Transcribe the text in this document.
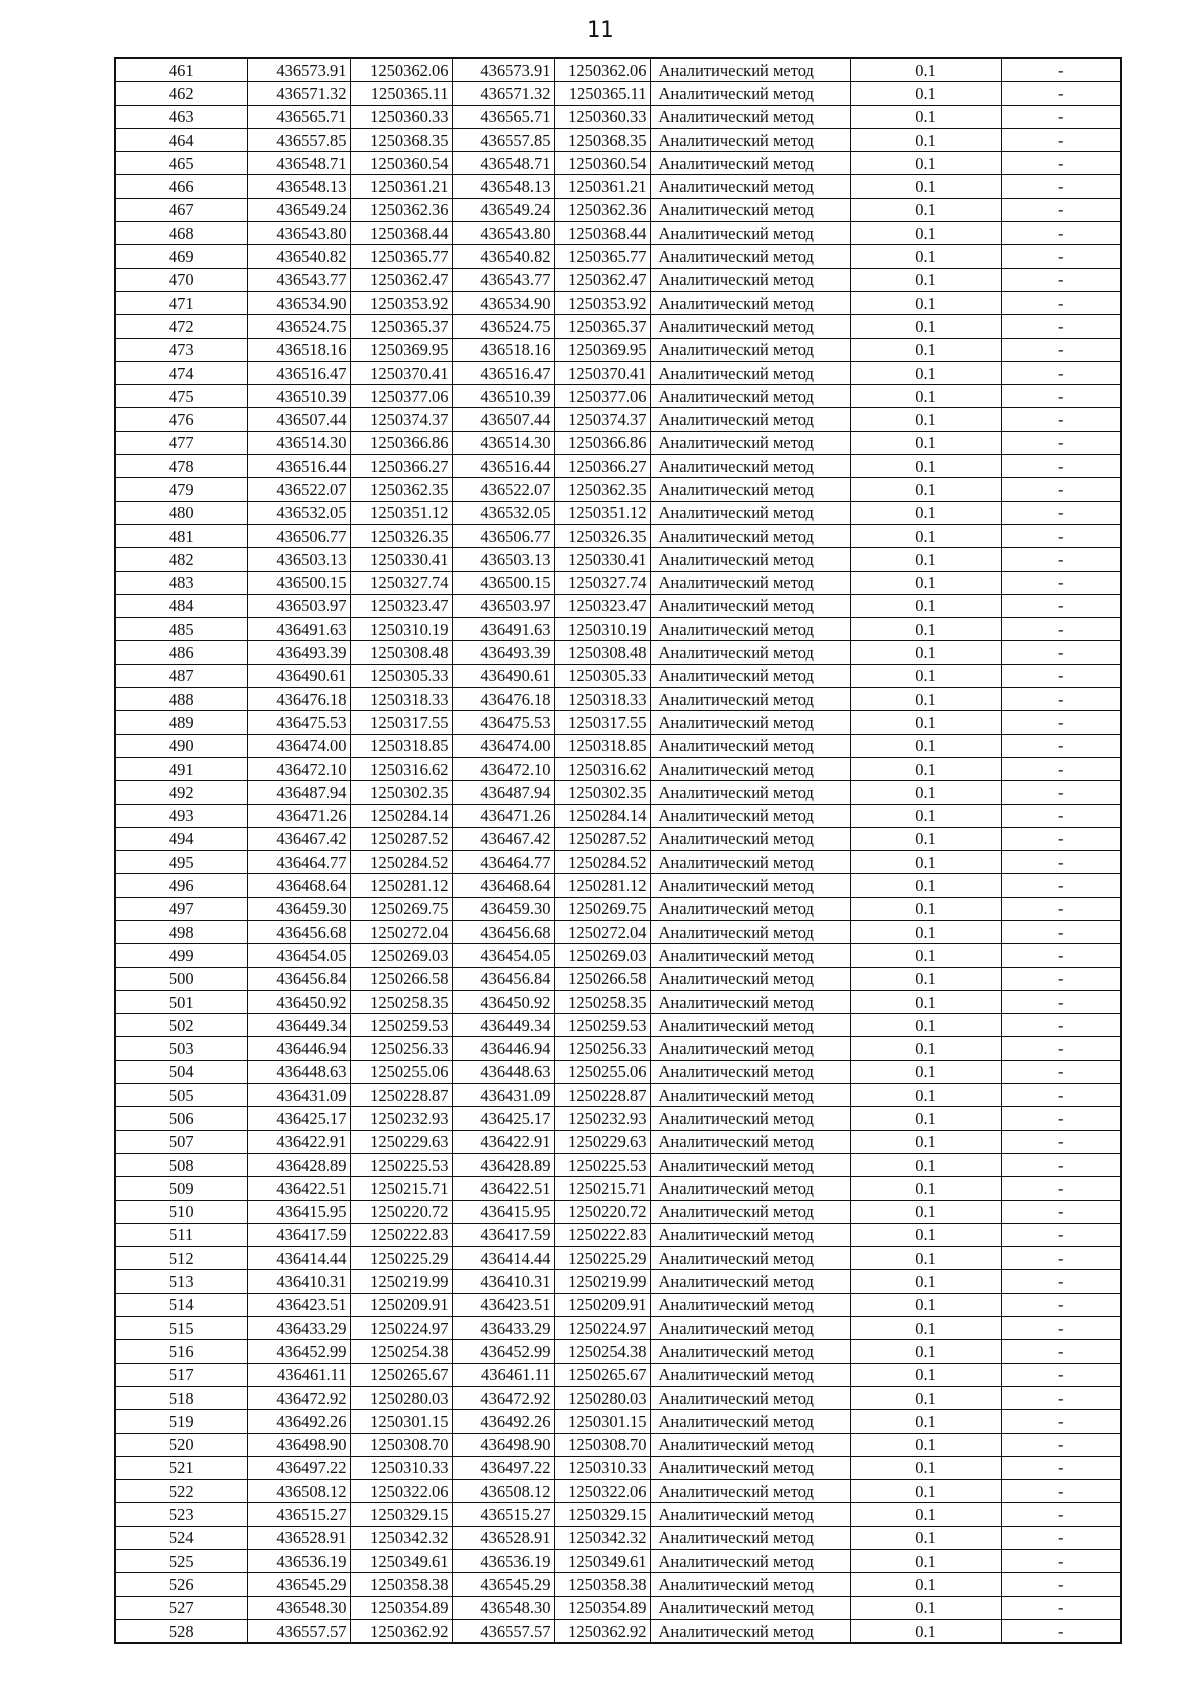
11
461	436573.91	1250362.06	436573.91	1250362.06	Аналитический метод	0.1	-
462	436571.32	1250365.11	436571.32	1250365.11	Аналитический метод	0.1	-
463	436565.71	1250360.33	436565.71	1250360.33	Аналитический метод	0.1	-
464	436557.85	1250368.35	436557.85	1250368.35	Аналитический метод	0.1	-
465	436548.71	1250360.54	436548.71	1250360.54	Аналитический метод	0.1	-
466	436548.13	1250361.21	436548.13	1250361.21	Аналитический метод	0.1	-
467	436549.24	1250362.36	436549.24	1250362.36	Аналитический метод	0.1	-
468	436543.80	1250368.44	436543.80	1250368.44	Аналитический метод	0.1	-
469	436540.82	1250365.77	436540.82	1250365.77	Аналитический метод	0.1	-
470	436543.77	1250362.47	436543.77	1250362.47	Аналитический метод	0.1	-
471	436534.90	1250353.92	436534.90	1250353.92	Аналитический метод	0.1	-
472	436524.75	1250365.37	436524.75	1250365.37	Аналитический метод	0.1	-
473	436518.16	1250369.95	436518.16	1250369.95	Аналитический метод	0.1	-
474	436516.47	1250370.41	436516.47	1250370.41	Аналитический метод	0.1	-
475	436510.39	1250377.06	436510.39	1250377.06	Аналитический метод	0.1	-
476	436507.44	1250374.37	436507.44	1250374.37	Аналитический метод	0.1	-
477	436514.30	1250366.86	436514.30	1250366.86	Аналитический метод	0.1	-
478	436516.44	1250366.27	436516.44	1250366.27	Аналитический метод	0.1	-
479	436522.07	1250362.35	436522.07	1250362.35	Аналитический метод	0.1	-
480	436532.05	1250351.12	436532.05	1250351.12	Аналитический метод	0.1	-
481	436506.77	1250326.35	436506.77	1250326.35	Аналитический метод	0.1	-
482	436503.13	1250330.41	436503.13	1250330.41	Аналитический метод	0.1	-
483	436500.15	1250327.74	436500.15	1250327.74	Аналитический метод	0.1	-
484	436503.97	1250323.47	436503.97	1250323.47	Аналитический метод	0.1	-
485	436491.63	1250310.19	436491.63	1250310.19	Аналитический метод	0.1	-
486	436493.39	1250308.48	436493.39	1250308.48	Аналитический метод	0.1	-
487	436490.61	1250305.33	436490.61	1250305.33	Аналитический метод	0.1	-
488	436476.18	1250318.33	436476.18	1250318.33	Аналитический метод	0.1	-
489	436475.53	1250317.55	436475.53	1250317.55	Аналитический метод	0.1	-
490	436474.00	1250318.85	436474.00	1250318.85	Аналитический метод	0.1	-
491	436472.10	1250316.62	436472.10	1250316.62	Аналитический метод	0.1	-
492	436487.94	1250302.35	436487.94	1250302.35	Аналитический метод	0.1	-
493	436471.26	1250284.14	436471.26	1250284.14	Аналитический метод	0.1	-
494	436467.42	1250287.52	436467.42	1250287.52	Аналитический метод	0.1	-
495	436464.77	1250284.52	436464.77	1250284.52	Аналитический метод	0.1	-
496	436468.64	1250281.12	436468.64	1250281.12	Аналитический метод	0.1	-
497	436459.30	1250269.75	436459.30	1250269.75	Аналитический метод	0.1	-
498	436456.68	1250272.04	436456.68	1250272.04	Аналитический метод	0.1	-
499	436454.05	1250269.03	436454.05	1250269.03	Аналитический метод	0.1	-
500	436456.84	1250266.58	436456.84	1250266.58	Аналитический метод	0.1	-
501	436450.92	1250258.35	436450.92	1250258.35	Аналитический метод	0.1	-
502	436449.34	1250259.53	436449.34	1250259.53	Аналитический метод	0.1	-
503	436446.94	1250256.33	436446.94	1250256.33	Аналитический метод	0.1	-
504	436448.63	1250255.06	436448.63	1250255.06	Аналитический метод	0.1	-
505	436431.09	1250228.87	436431.09	1250228.87	Аналитический метод	0.1	-
506	436425.17	1250232.93	436425.17	1250232.93	Аналитический метод	0.1	-
507	436422.91	1250229.63	436422.91	1250229.63	Аналитический метод	0.1	-
508	436428.89	1250225.53	436428.89	1250225.53	Аналитический метод	0.1	-
509	436422.51	1250215.71	436422.51	1250215.71	Аналитический метод	0.1	-
510	436415.95	1250220.72	436415.95	1250220.72	Аналитический метод	0.1	-
511	436417.59	1250222.83	436417.59	1250222.83	Аналитический метод	0.1	-
512	436414.44	1250225.29	436414.44	1250225.29	Аналитический метод	0.1	-
513	436410.31	1250219.99	436410.31	1250219.99	Аналитический метод	0.1	-
514	436423.51	1250209.91	436423.51	1250209.91	Аналитический метод	0.1	-
515	436433.29	1250224.97	436433.29	1250224.97	Аналитический метод	0.1	-
516	436452.99	1250254.38	436452.99	1250254.38	Аналитический метод	0.1	-
517	436461.11	1250265.67	436461.11	1250265.67	Аналитический метод	0.1	-
518	436472.92	1250280.03	436472.92	1250280.03	Аналитический метод	0.1	-
519	436492.26	1250301.15	436492.26	1250301.15	Аналитический метод	0.1	-
520	436498.90	1250308.70	436498.90	1250308.70	Аналитический метод	0.1	-
521	436497.22	1250310.33	436497.22	1250310.33	Аналитический метод	0.1	-
522	436508.12	1250322.06	436508.12	1250322.06	Аналитический метод	0.1	-
523	436515.27	1250329.15	436515.27	1250329.15	Аналитический метод	0.1	-
524	436528.91	1250342.32	436528.91	1250342.32	Аналитический метод	0.1	-
525	436536.19	1250349.61	436536.19	1250349.61	Аналитический метод	0.1	-
526	436545.29	1250358.38	436545.29	1250358.38	Аналитический метод	0.1	-
527	436548.30	1250354.89	436548.30	1250354.89	Аналитический метод	0.1	-
528	436557.57	1250362.92	436557.57	1250362.92	Аналитический метод	0.1	-
